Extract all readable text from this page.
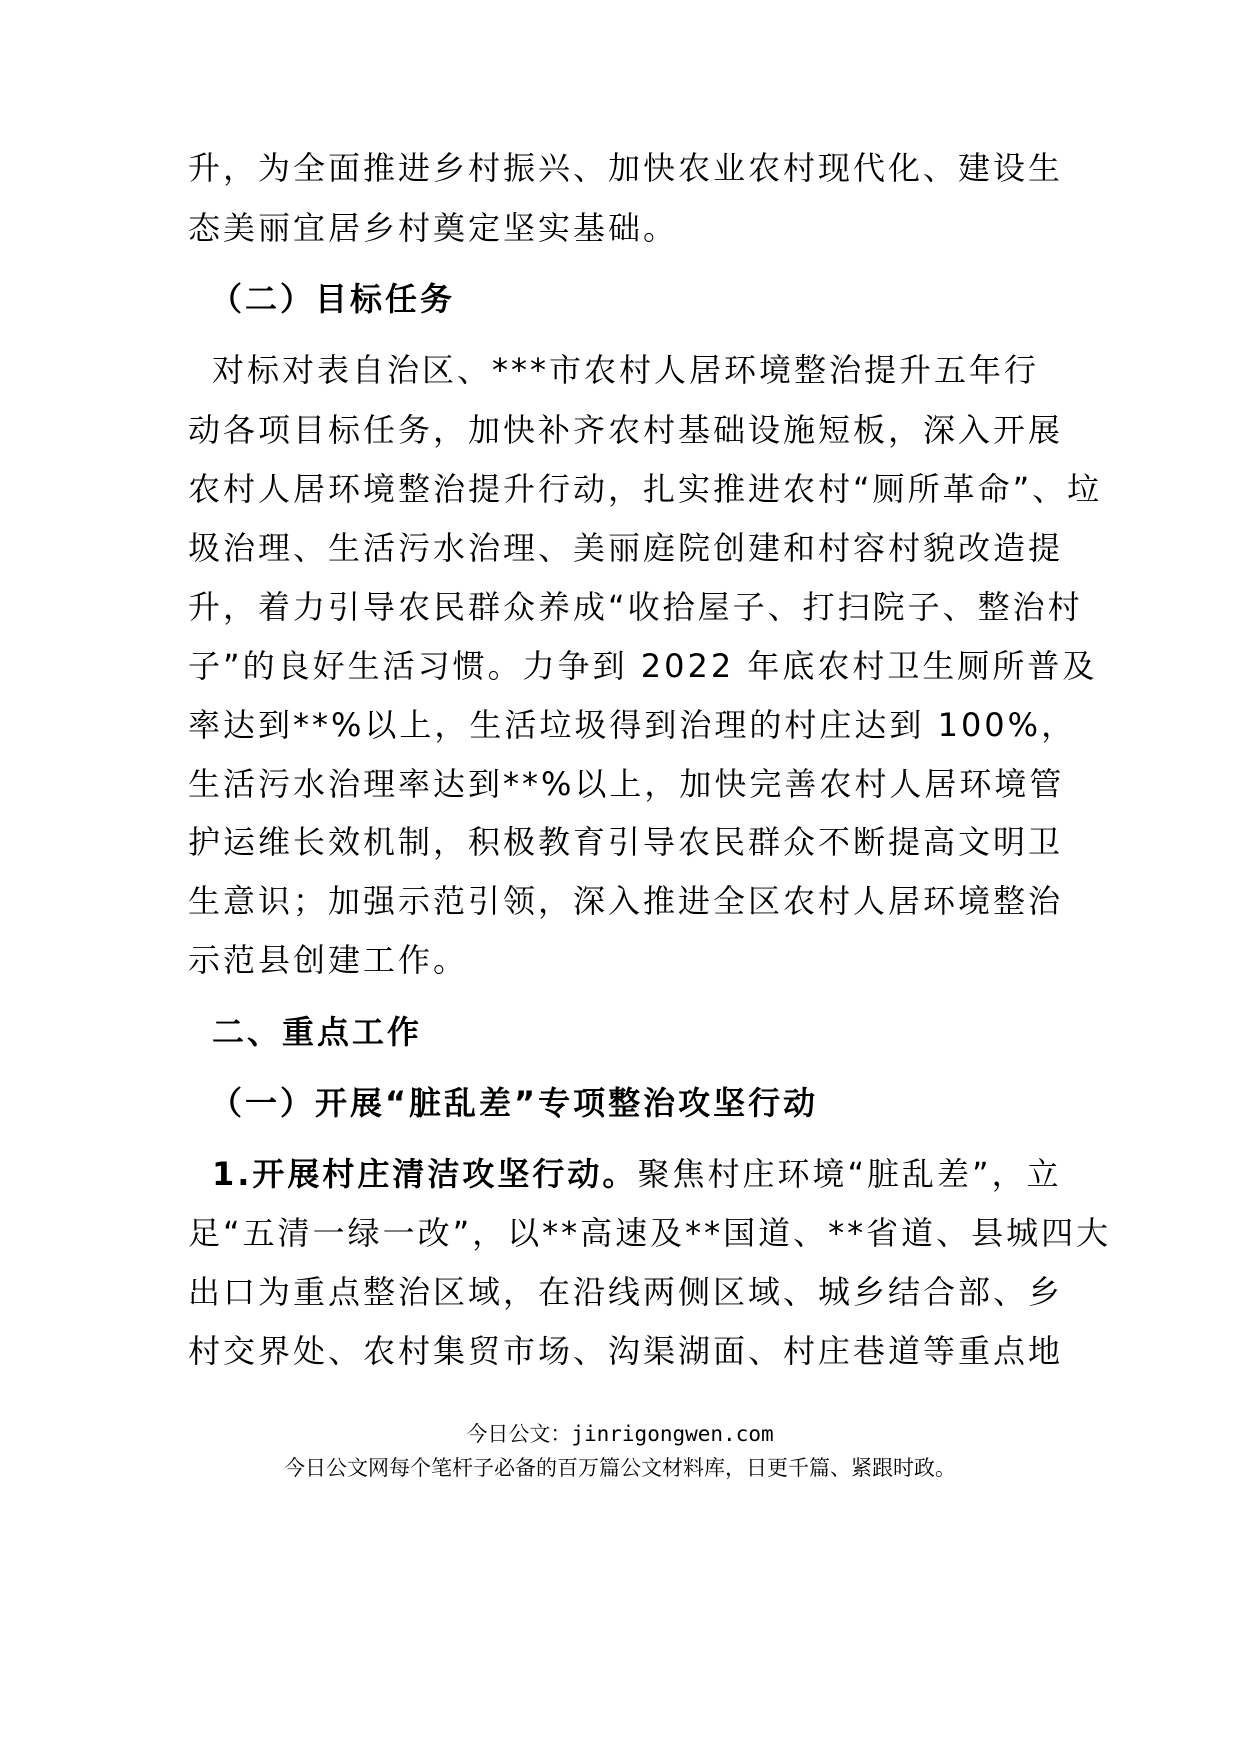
升，为全面推进乡村振兴、加快农业农村现代化、建设生
态美丽宜居乡村奠定坚实基础。
（二）目标任务
对标对表自治区、***市农村人居环境整治提升五年行
动各项目标任务，加快补齐农村基础设施短板，深入开展
农村人居环境整治提升行动，扎实推进农村“厕所革命”、垃
圾治理、生活污水治理、美丽庭院创建和村容村貌改造提
升，着力引导农民群众养成“收拾屋子、打扫院子、整治村
子”的良好生活习惯。力争到 2022 年底农村卫生厕所普及
率达到**%以上，生活垃圾得到治理的村庄达到 100%，
生活污水治理率达到**%以上，加快完善农村人居环境管
护运维长效机制，积极教育引导农民群众不断提高文明卫
生意识；加强示范引领，深入推进全区农村人居环境整治
示范县创建工作。
二、重点工作
（一）开展“脏乱差”专项整治攻坚行动
1.开展村庄清洁攻坚行动。聚焦村庄环境“脏乱差”，立
足“五清一绿一改”，以**高速及**国道、**省道、县城四大
出口为重点整治区域，在沿线两侧区域、城乡结合部、乡
村交界处、农村集贸市场、沟渠湖面、村庄巷道等重点地
今日公文：jinrigongwen.com
今日公文网每个笔杆子必备的百万篇公文材料库，日更千篇、紧跟时政。
